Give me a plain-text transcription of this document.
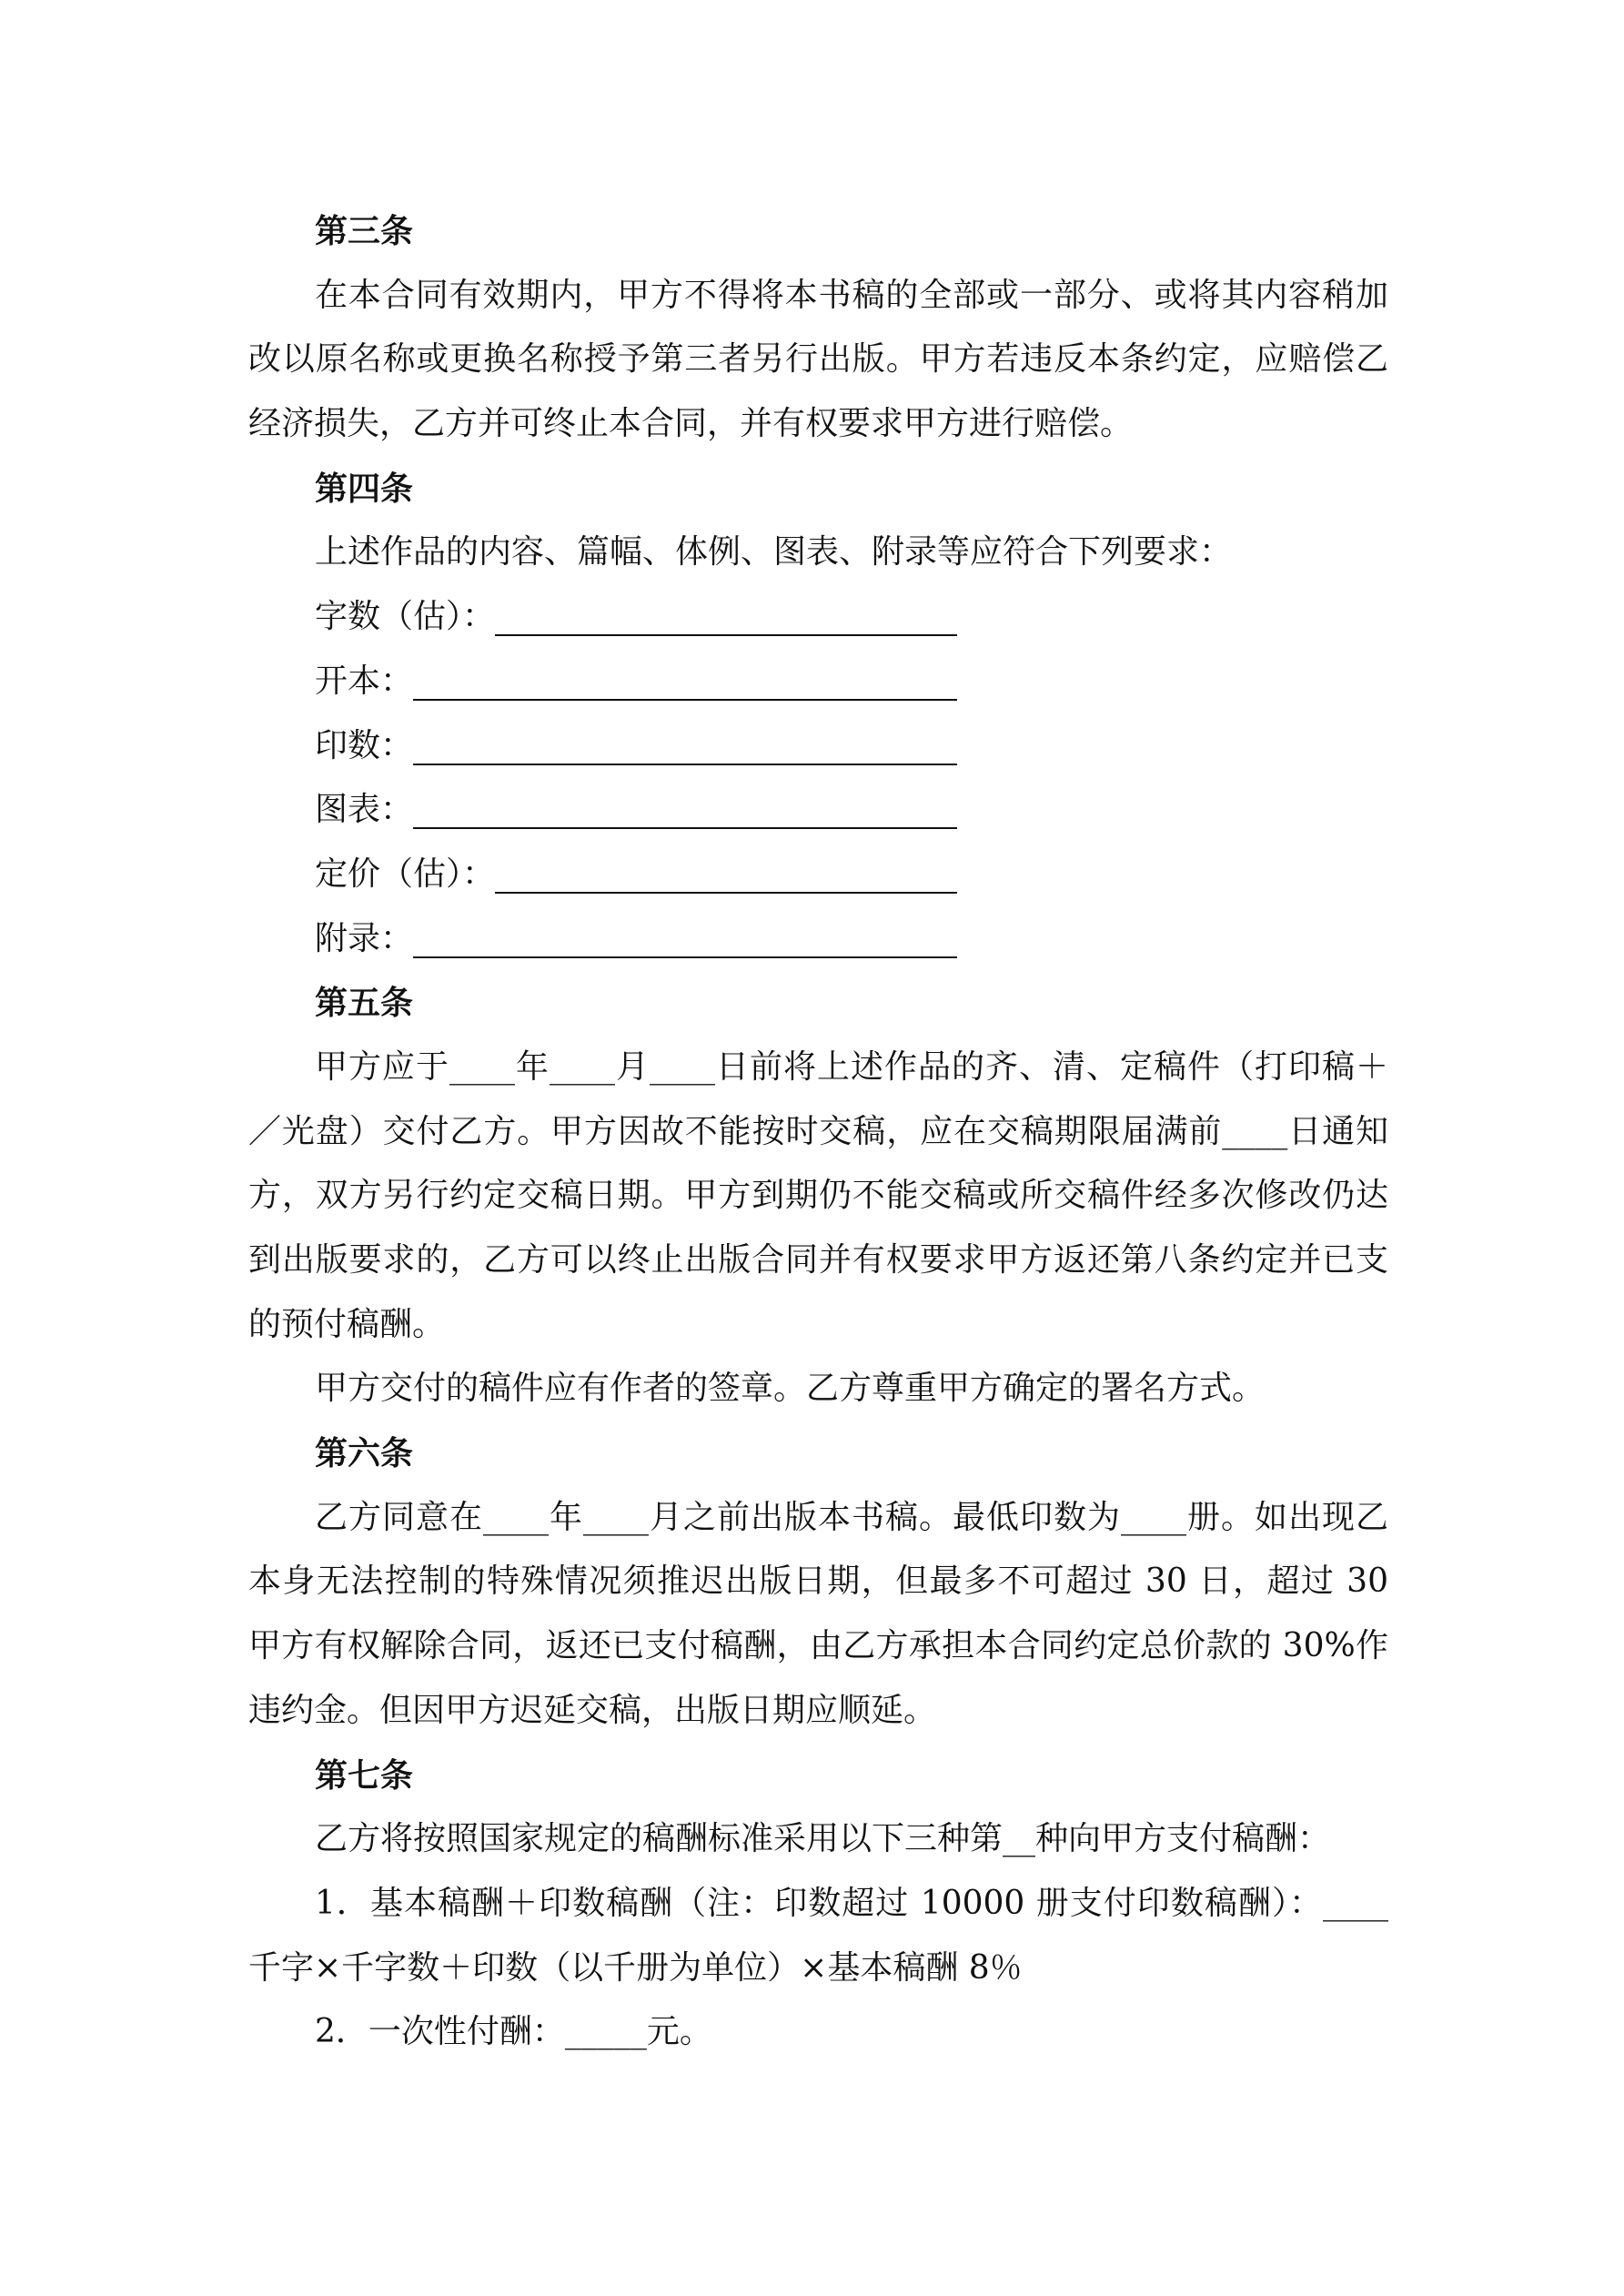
第三条
在本合同有效期内，甲方不得将本书稿的全部或一部分、或将其内容稍加
改以原名称或更换名称授予第三者另行出版。甲方若违反本条约定，应赔偿乙
经济损失，乙方并可终止本合同，并有权要求甲方进行赔偿。
第四条
上述作品的内容、篇幅、体例、图表、附录等应符合下列要求：
字数（估）：
开本：
印数：
图表：
定价（估）：
附录：
第五条
甲方应于____年____月____日前将上述作品的齐、清、定稿件（打印稿＋
／光盘）交付乙方。甲方因故不能按时交稿，应在交稿期限届满前____日通知
方，双方另行约定交稿日期。甲方到期仍不能交稿或所交稿件经多次修改仍达
到出版要求的，乙方可以终止出版合同并有权要求甲方返还第八条约定并已支
的预付稿酬。
甲方交付的稿件应有作者的签章。乙方尊重甲方确定的署名方式。
第六条
乙方同意在____年____月之前出版本书稿。最低印数为____册。如出现乙
本身无法控制的特殊情况须推迟出版日期，但最多不可超过 30 日，超过 30
甲方有权解除合同，返还已支付稿酬，由乙方承担本合同约定总价款的 30%作
违约金。但因甲方迟延交稿，出版日期应顺延。
第七条
乙方将按照国家规定的稿酬标准采用以下三种第__种向甲方支付稿酬：
1．基本稿酬＋印数稿酬（注：印数超过 10000 册支付印数稿酬）：____
千字×千字数＋印数（以千册为单位）×基本稿酬 8％
2．一次性付酬：_____元。
